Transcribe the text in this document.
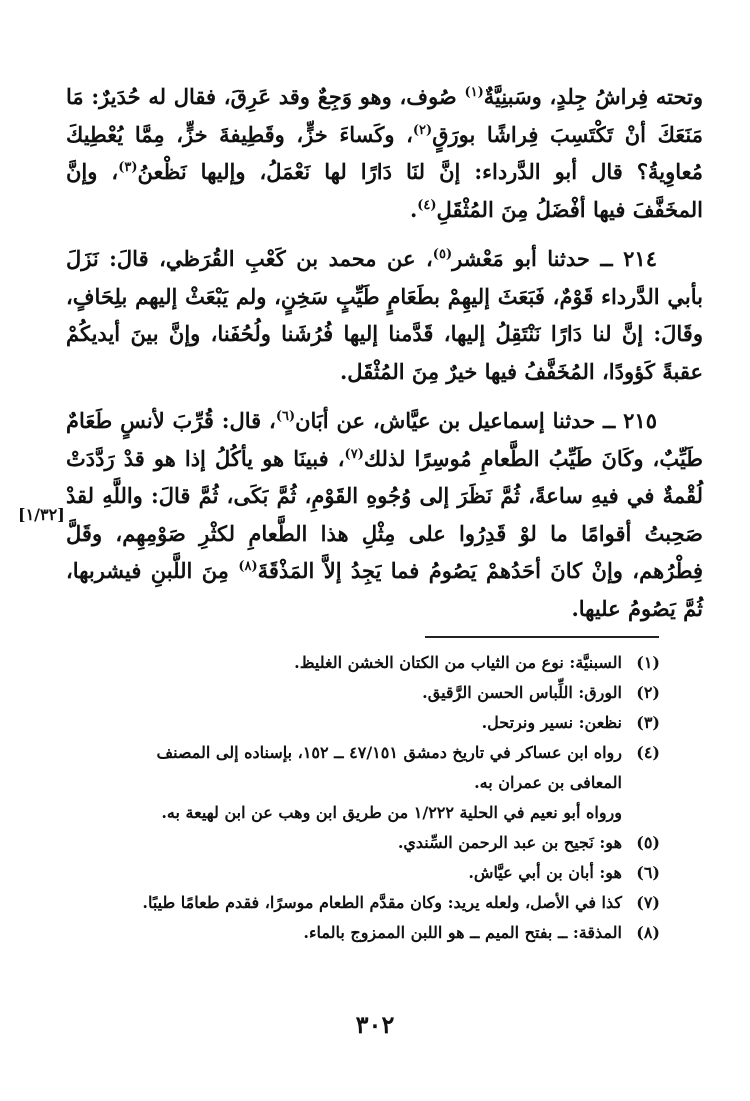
وتحته فِراشُ جِلدٍ، وسَبنِيَّةٌ$^{(١)}$ صُوف، وهو وَجِعٌ وقد عَرِقَ، فقال له حُدَيرٌ: مَا مَنَعَكَ أنْ تَكْتَسِبَ فِراشًا بورَقٍ$^{(٢)}$، وكَساءَ خزٍّ، وقَطِيفةَ خزٍّ، مِمَّا يُعْطِيكَ مُعاوِيةُ؟ قال أبو الدَّرداء: إنَّ لنَا دَارًا لها نَعْمَلُ، وإليها نَظْعنُ$^{(٣)}$، وإنَّ المخَفَّفَ فيها أفْضَلُ مِنَ المُثْقَلِ$^{(٤)}$.

٢١٤ ــ حدثنا أبو مَعْشر$^{(٥)}$، عن محمد بن كَعْبِ القُرَظي، قالَ: نَزَلَ بأبي الدَّرداء قَوْمٌ، فَبَعَثَ إليهِمْ بطَعَامٍ طَيِّبٍ سَخِنٍ، ولم يَبْعَثْ إليهم بلِحَافٍ، وقَالَ: إنَّ لنا دَارًا نَنْتَقِلُ إليها، قَدَّمنا إليها فُرُشَنا ولُحُفَنا، وإنَّ بينَ أيديكُمْ عقبةً كَؤودًا، المُخَفَّفُ فيها خيرٌ مِنَ المُثْقَل.

٢١٥ ــ حدثنا إسماعيل بن عيَّاش، عن أبَان$^{(٦)}$، قال: قُرِّبَ لأنسٍ طَعَامٌ طَيِّبٌ، وكَانَ طَيِّبُ الطَّعامِ مُوسِرًا لذلك$^{(٧)}$، فبينَا هو يأكُلُ إذا هو قدْ رَدَّدَتْ لُقْمةٌ في فيهِ ساعةً، ثُمَّ نَظَرَ إلى وُجُوهِ القَوْمِ، ثُمَّ بَكَى، ثُمَّ قالَ: واللَّهِ لقدْ صَحِبتُ أقوامًا ما لوْ قَدِرُوا على مِثْلِ هذا الطَّعامِ لكثْرِ صَوْمِهِم، وقَلَّ فِطْرُهم، وإنْ كانَ أحَدُهمْ يَصُومُ فما يَجِدُ إلاَّ المَذْقَةَ$^{(٨)}$ مِنَ اللَّبنِ فيشربها، ثُمَّ يَصُومُ عليها.

[١/٣٢]
(١)
السبنيَّة: نوع من الثياب من الكتان الخشن الغليظ.
(٢)
الورق: اللِّباس الحسن الرَّقيق.
(٣)
نظعن: نسير ونرتحل.
(٤)
رواه ابن عساكر في تاريخ دمشق ٤٧/١٥١ ــ ١٥٢، بإسناده إلى المصنف المعافى بن عمران به.
ورواه أبو نعيم في الحلية ١/٢٢٢ من طريق ابن وهب عن ابن لهيعة به.
(٥)
هو: نَجيح بن عبد الرحمن السِّندي.
(٦)
هو: أبان بن أبي عيَّاش.
(٧)
كذا في الأصل، ولعله يريد: وكان مقدَّم الطعام موسرًا، فقدم طعامًا طيبًا.
(٨)
المذقة: ــ بفتح الميم ــ هو اللبن الممزوج بالماء.
٣٠٢
